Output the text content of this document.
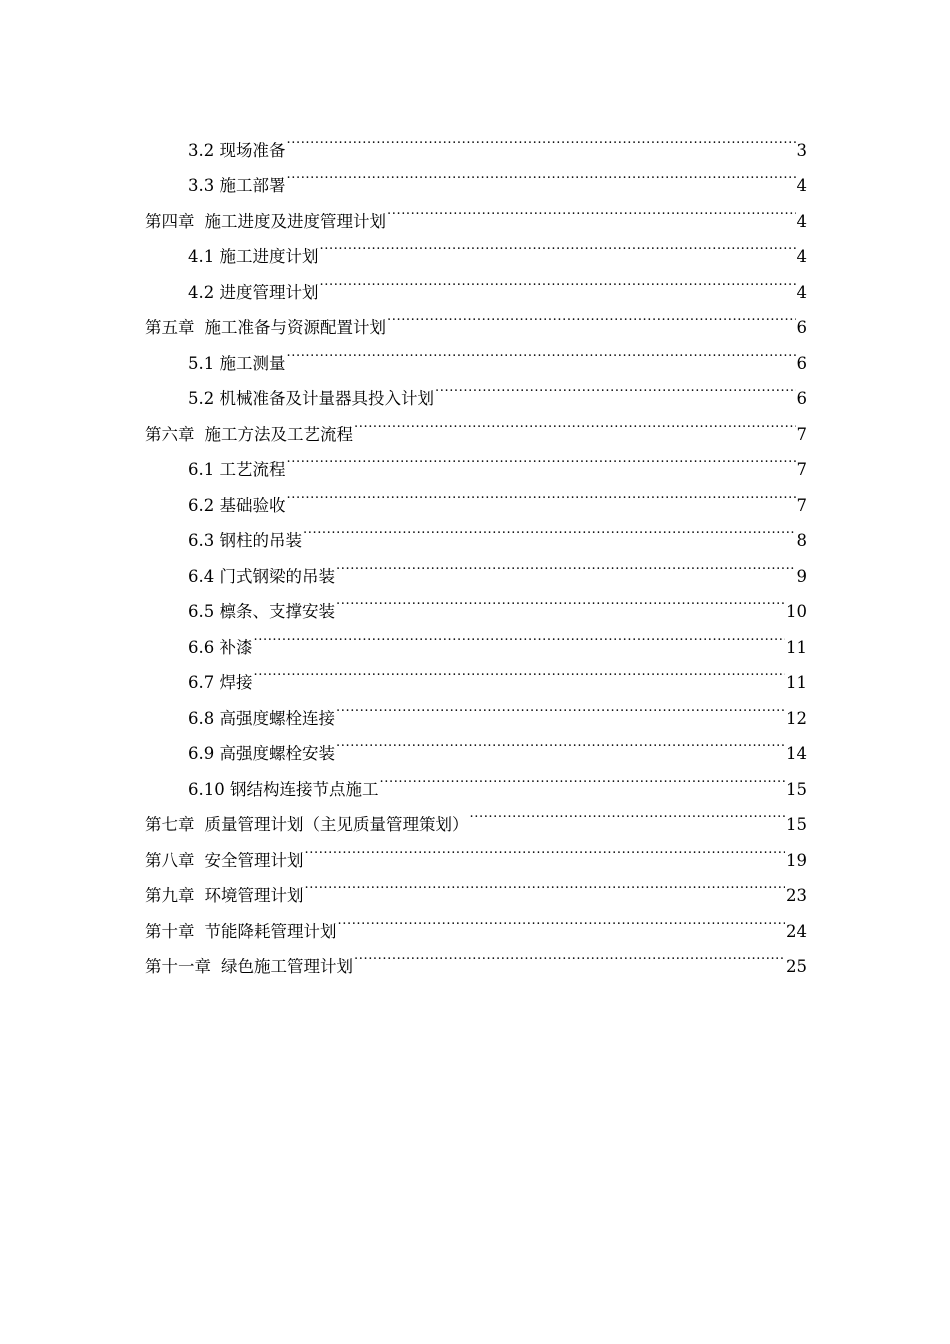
3.2 现场准备 .....	3
3.3 施工部署 .....	4
第四章 施工进度及进度管理计划 .....	4
4.1 施工进度计划 .....	4
4.2 进度管理计划 .....	4
第五章 施工准备与资源配置计划 .....	6
5.1 施工测量 .....	6
5.2 机械准备及计量器具投入计划 .....	6
第六章 施工方法及工艺流程 .....	7
6.1 工艺流程 .....	7
6.2 基础验收 .....	7
6.3 钢柱的吊装 .....	8
6.4 门式钢梁的吊装 .....	9
6.5 檩条、支撑安装 .....	10
6.6 补漆 .....	11
6.7 焊接 .....	11
6.8 高强度螺栓连接 .....	12
6.9 高强度螺栓安装 .....	14
6.10 钢结构连接节点施工 .....	15
第七章 质量管理计划（主见质量管理策划） .....	15
第八章 安全管理计划 .....	19
第九章 环境管理计划 .....	23
第十章 节能降耗管理计划 .....	24
第十一章 绿色施工管理计划 .....	25
